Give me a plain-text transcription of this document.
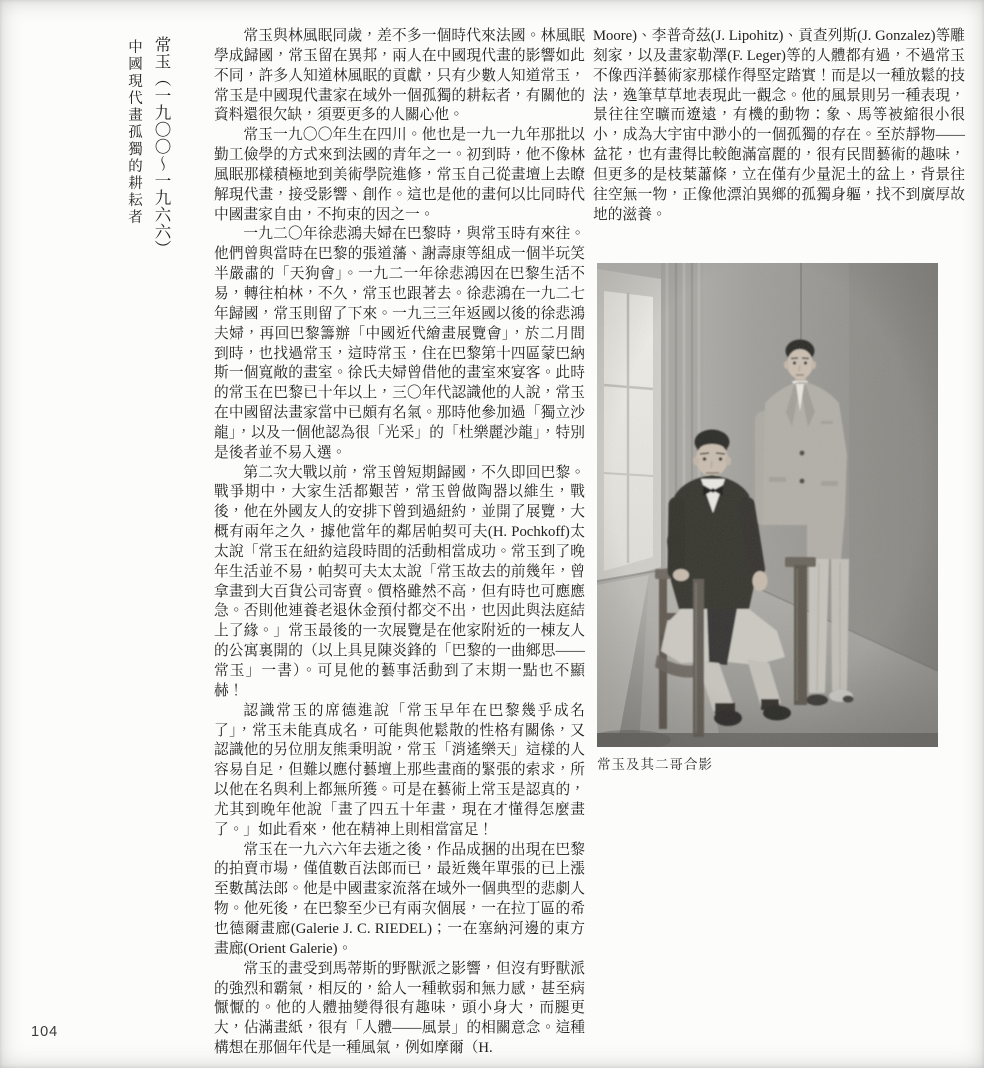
常玉（一九〇〇～一九六六）
中國現代畫孤獨的耕耘者

常玉與林風眠同歲，差不多一個時代來法國。林風眠學成歸國，常玉留在異邦，兩人在中國現代畫的影響如此不同，許多人知道林風眠的貢獻，只有少數人知道常玉，常玉是中國現代畫家在域外一個孤獨的耕耘者，有關他的資料還很欠缺，須要更多的人關心他。

常玉一九〇〇年生在四川。他也是一九一九年那批以勤工儉學的方式來到法國的青年之一。初到時，他不像林風眠那樣積極地到美術學院進修，常玉自己從畫壇上去瞭解現代畫，接受影響、創作。這也是他的畫何以比同時代中國畫家自由，不拘束的因之一。

一九二〇年徐悲鴻夫婦在巴黎時，與常玉時有來往。他們曾與當時在巴黎的張道藩、謝壽康等組成一個半玩笑半嚴肅的「天狗會」。一九二一年徐悲鴻因在巴黎生活不易，轉往柏林，不久，常玉也跟著去。徐悲鴻在一九二七年歸國，常玉則留了下來。一九三三年返國以後的徐悲鴻夫婦，再回巴黎籌辦「中國近代繪畫展覽會」，於二月間到時，也找過常玉，這時常玉，住在巴黎第十四區蒙巴納斯一個寬敞的畫室。徐氏夫婦曾借他的畫室來宴客。此時的常玉在巴黎已十年以上，三〇年代認識他的人說，常玉在中國留法畫家當中已頗有名氣。那時他參加過「獨立沙龍」，以及一個他認為很「光采」的「杜樂麗沙龍」，特別是後者並不易入選。

第二次大戰以前，常玉曾短期歸國，不久即回巴黎。戰爭期中，大家生活都艱苦，常玉曾做陶器以維生，戰後，他在外國友人的安排下曾到過紐約，並開了展覽，大概有兩年之久，據他當年的鄰居帕契可夫(H. Pochkoff)太太說「常玉在紐約這段時間的活動相當成功。常玉到了晚年生活並不易，帕契可夫太太說「常玉故去的前幾年，曾拿畫到大百貨公司寄賣。價格雖然不高，但有時也可應應急。否則他連養老退休金預付都交不出，也因此與法庭結上了緣。」常玉最後的一次展覽是在他家附近的一棟友人的公寓裏開的（以上具見陳炎鋒的「巴黎的一曲鄉思——常玉」一書）。可見他的藝事活動到了末期一點也不顯赫！

認識常玉的席德進說「常玉早年在巴黎幾乎成名了」，常玉未能真成名，可能與他鬆散的性格有關係，又認識他的另位朋友熊秉明說，常玉「消遙樂天」這樣的人容易自足，但難以應付藝壇上那些畫商的緊張的索求，所以他在名與利上都無所獲。可是在藝術上常玉是認真的，尤其到晚年他說「畫了四五十年畫，現在才懂得怎麼畫了。」如此看來，他在精神上則相當富足！

常玉在一九六六年去逝之後，作品成捆的出現在巴黎的拍賣市場，僅值數百法郎而已，最近幾年單張的已上漲至數萬法郎。他是中國畫家流落在域外一個典型的悲劇人物。他死後，在巴黎至少已有兩次個展，一在拉丁區的希也德爾畫廊(Galerie J. C. RIEDEL)；一在塞納河邊的東方畫廊(Orient Galerie)。

常玉的畫受到馬蒂斯的野獸派之影響，但沒有野獸派的強烈和霸氣，相反的，給人一種軟弱和無力感，甚至病懨懨的。他的人體抽變得很有趣味，頭小身大，而腿更大，佔滿畫紙，很有「人體——風景」的相關意念。這種構想在那個年代是一種風氣，例如摩爾（H.

Moore)、李普奇茲(J. Lipohitz)、貢查列斯(J. Gonzalez)等雕刻家，以及畫家勒澤(F. Leger)等的人體都有過，不過常玉不像西洋藝術家那樣作得堅定踏實！而是以一種放鬆的技法，逸筆草草地表現此一觀念。他的風景則另一種表現，景往往空曠而遼遠，有機的動物：象、馬等被縮很小很小，成為大宇宙中渺小的一個孤獨的存在。至於靜物——盆花，也有畫得比較飽滿富麗的，很有民間藝術的趣味，但更多的是枝葉蕭條，立在僅有少量泥土的盆上，背景往往空無一物，正像他漂泊異鄉的孤獨身軀，找不到廣厚故地的滋養。

常玉及其二哥合影
104
